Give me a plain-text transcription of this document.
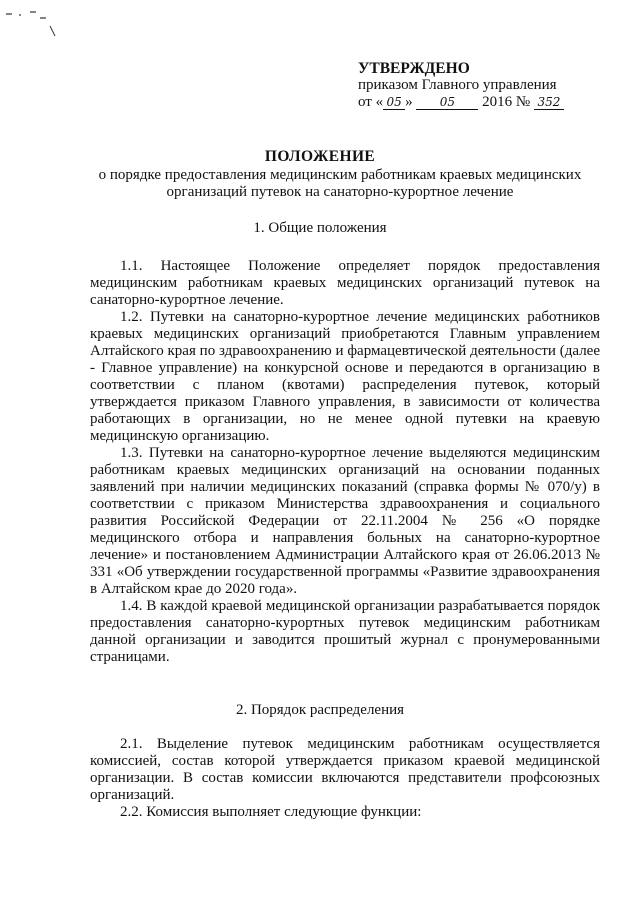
УТВЕРЖДЕНО
приказом Главного управления
от « 05 » 05 2016 № 352
ПОЛОЖЕНИЕ
о порядке предоставления медицинским работникам краевых медицинских организаций путевок на санаторно-курортное лечение
1. Общие положения

1.1. Настоящее Положение определяет порядок предоставления медицинским работникам краевых медицинских организаций путевок на санаторно-курортное лечение.

1.2. Путевки на санаторно-курортное лечение медицинских работников краевых медицинских организаций приобретаются Главным управлением Алтайского края по здравоохранению и фармацевтической деятельности (далее - Главное управление) на конкурсной основе и передаются в организацию в соответствии с планом (квотами) распределения путевок, который утверждается приказом Главного управления, в зависимости от количества работающих в организации, но не менее одной путевки на краевую медицинскую организацию.

1.3. Путевки на санаторно-курортное лечение выделяются медицинским работникам краевых медицинских организаций на основании поданных заявлений при наличии медицинских показаний (справка формы № 070/у) в соответствии с приказом Министерства здравоохранения и социального развития Российской Федерации от 22.11.2004 № 256 «О порядке медицинского отбора и направления больных на санаторно-курортное лечение» и постановлением Администрации Алтайского края от 26.06.2013 № 331 «Об утверждении государственной программы «Развитие здравоохранения в Алтайском крае до 2020 года».

1.4. В каждой краевой медицинской организации разрабатывается порядок предоставления санаторно-курортных путевок медицинским работникам данной организации и заводится прошитый журнал с пронумерованными страницами.

2. Порядок распределения

2.1. Выделение путевок медицинским работникам осуществляется комиссией, состав которой утверждается приказом краевой медицинской организации. В состав комиссии включаются представители профсоюзных организаций.

2.2. Комиссия выполняет следующие функции:
